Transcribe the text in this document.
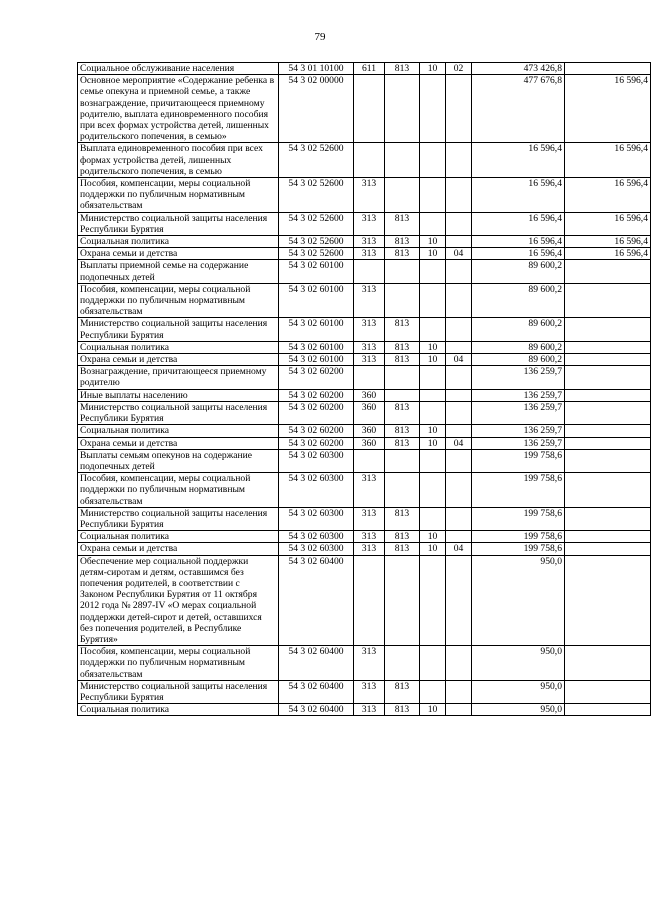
79
Социальное обслуживание населения	54 3 01 10100	611	813	10	02	473 426,8	
Основное мероприятие «Содержание ребенка в семье опекуна и приемной семье, а также вознаграждение, причитающееся приемному родителю, выплата единовременного пособия при всех формах устройства детей, лишенных родительского попечения, в семью»	54 3 02 00000					477 676,8	16 596,4
Выплата единовременного пособия при всех формах устройства детей, лишенных родительского попечения, в семью	54 3 02 52600					16 596,4	16 596,4
Пособия, компенсации, меры социальной поддержки по публичным нормативным обязательствам	54 3 02 52600	313				16 596,4	16 596,4
Министерство социальной защиты населения Республики Бурятия	54 3 02 52600	313	813			16 596,4	16 596,4
Социальная политика	54 3 02 52600	313	813	10		16 596,4	16 596,4
Охрана семьи и детства	54 3 02 52600	313	813	10	04	16 596,4	16 596,4
Выплаты приемной семье на содержание подопечных детей	54 3 02 60100					89 600,2	
Пособия, компенсации, меры социальной поддержки по публичным нормативным обязательствам	54 3 02 60100	313				89 600,2	
Министерство социальной защиты населения Республики Бурятия	54 3 02 60100	313	813			89 600,2	
Социальная политика	54 3 02 60100	313	813	10		89 600,2	
Охрана семьи и детства	54 3 02 60100	313	813	10	04	89 600,2	
Вознаграждение, причитающееся приемному родителю	54 3 02 60200					136 259,7	
Иные выплаты населению	54 3 02 60200	360				136 259,7	
Министерство социальной защиты населения Республики Бурятия	54 3 02 60200	360	813			136 259,7	
Социальная политика	54 3 02 60200	360	813	10		136 259,7	
Охрана семьи и детства	54 3 02 60200	360	813	10	04	136 259,7	
Выплаты семьям опекунов на содержание подопечных детей	54 3 02 60300					199 758,6	
Пособия, компенсации, меры социальной поддержки по публичным нормативным обязательствам	54 3 02 60300	313				199 758,6	
Министерство социальной защиты населения Республики Бурятия	54 3 02 60300	313	813			199 758,6	
Социальная политика	54 3 02 60300	313	813	10		199 758,6	
Охрана семьи и детства	54 3 02 60300	313	813	10	04	199 758,6	
Обеспечение мер социальной поддержки детям-сиротам и детям, оставшимся без попечения родителей, в соответствии с Законом Республики Бурятия от 11 октября 2012 года № 2897-IV «О мерах социальной поддержки детей-сирот и детей, оставшихся без попечения родителей, в Республике Бурятия»	54 3 02 60400					950,0	
Пособия, компенсации, меры социальной поддержки по публичным нормативным обязательствам	54 3 02 60400	313				950,0	
Министерство социальной защиты населения Республики Бурятия	54 3 02 60400	313	813			950,0	
Социальная политика	54 3 02 60400	313	813	10		950,0	
